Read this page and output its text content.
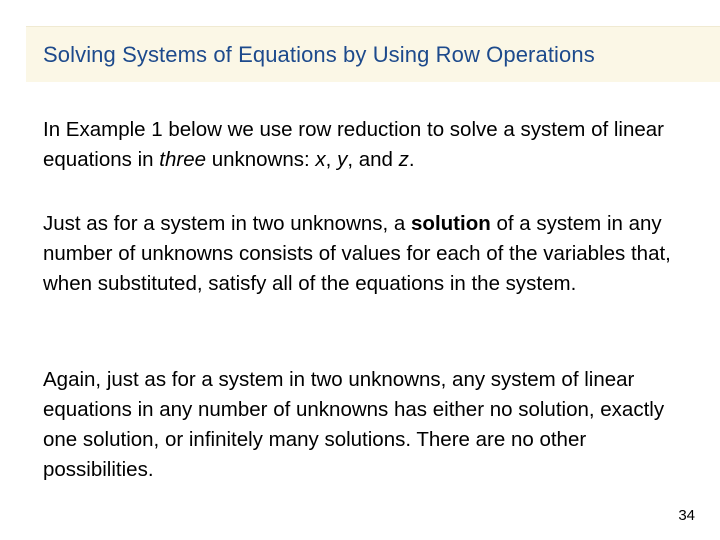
Solving Systems of Equations by Using Row Operations

In Example 1 below we use row reduction to solve a system of linear equations in three unknowns: x, y, and z.

Just as for a system in two unknowns, a solution of a system in any number of unknowns consists of values for each of the variables that, when substituted, satisfy all of the equations in the system.

Again, just as for a system in two unknowns, any system of linear equations in any number of unknowns has either no solution, exactly one solution, or infinitely many solutions. There are no other possibilities.

34
